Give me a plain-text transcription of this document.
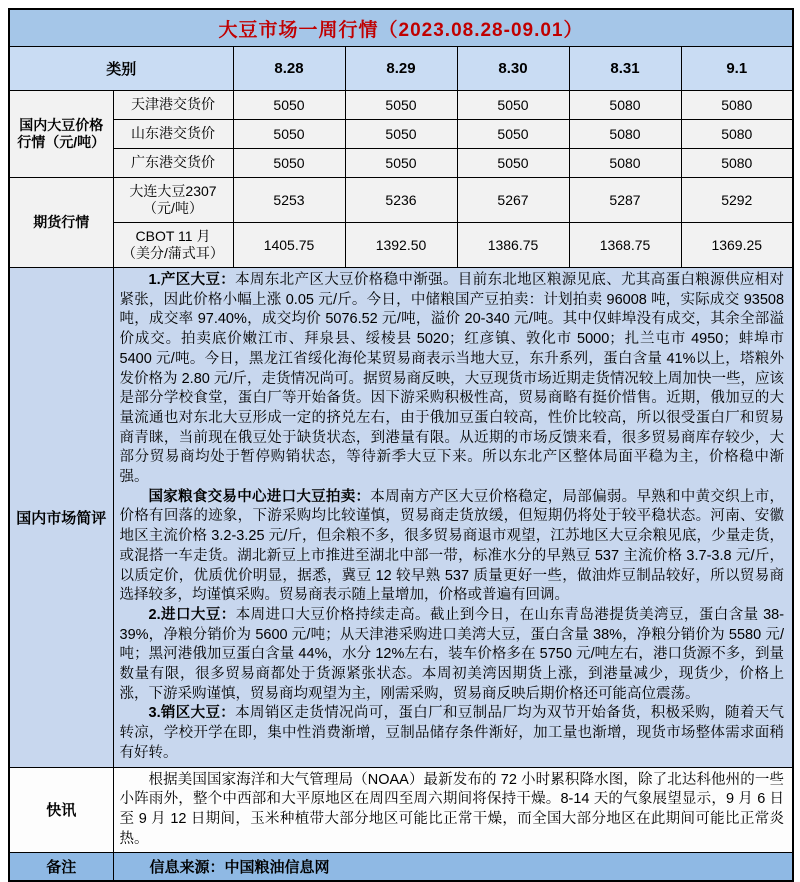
大豆市场一周行情（2023.08.28-09.01）						
类别		8.28	8.29	8.30	8.31	9.1

国内大豆价格
行情（元/吨）	天津港交货价	5050	5050	5050	5080	5080
	山东港交货价	5050	5050	5050	5080	5080
	广东港交货价	5050	5050	5050	5080	5080

期货行情	大连大豆2307
（元/吨）	5253	5236	5267	5287	5292

	CBOT 11 月
（美分/蒲式耳）	1405.75	1392.50	1386.75	1368.75	1369.25
国内市场简评	1.产区大豆：本周东北产区大豆价格稳中渐强。目前东北地区粮源见底、尤其高蛋白粮源供应相对紧张，因此价格小幅上涨 0.05 元/斤。今日，中储粮国产豆拍卖：计划拍卖 96008 吨，实际成交 93508 吨，成交率 97.40%，成交均价 5076.52 元/吨，溢价 20-340 元/吨。其中仅蚌埠没有成交，其余全部溢价成交。拍卖底价嫩江市、拜泉县、绥棱县 5020；红彦镇、敦化市 5000；扎兰屯市 4950；蚌埠市 5400 元/吨。今日，黑龙江省绥化海伦某贸易商表示当地大豆，东升系列，蛋白含量 41%以上，塔粮外发价格为 2.80 元/斤，走货情况尚可。据贸易商反映，大豆现货市场近期走货情况较上周加快一些，应该是部分学校食堂，蛋白厂等开始备货。因下游采购积极性高，贸易商略有挺价惜售。近期，俄加豆的大量流通也对东北大豆形成一定的挤兑左右，由于俄加豆蛋白较高，性价比较高，所以很受蛋白厂和贸易商青睐，当前现在俄豆处于缺货状态，到港量有限。从近期的市场反馈来看，很多贸易商库存较少，大部分贸易商均处于暂停购销状态，等待新季大豆下来。所以东北产区整体局面平稳为主，价格稳中渐强。

国家粮食交易中心进口大豆拍卖：本周南方产区大豆价格稳定，局部偏弱。早熟和中黄交织上市，价格有回落的迹象，下游采购均比较谨慎，贸易商走货放缓，但短期仍将处于较平稳状态。河南、安徽地区主流价格 3.2-3.25 元/斤，但余粮不多，很多贸易商退市观望，江苏地区大豆余粮见底，少量走货，或混搭一车走货。湖北新豆上市推进至湖北中部一带，标准水分的早熟豆 537 主流价格 3.7-3.8 元/斤，以质定价，优质优价明显，据悉，冀豆 12 较早熟 537 质量更好一些，做油炸豆制品较好，所以贸易商选择较多，均谨慎采购。贸易商表示随上量增加，价格或普遍有回调。

2.进口大豆：本周进口大豆价格持续走高。截止到今日，在山东青岛港提货美湾豆，蛋白含量 38-39%，净粮分销价为 5600 元/吨；从天津港采购进口美湾大豆，蛋白含量 38%，净粮分销价为 5580 元/吨；黑河港俄加豆蛋白含量 44%，水分 12%左右，装车价格多在 5750 元/吨左右，港口货源不多，到量数量有限，很多贸易商都处于货源紧张状态。本周初美湾因期货上涨，到港量减少，现货少，价格上涨，下游采购谨慎，贸易商均观望为主，刚需采购，贸易商反映后期价格还可能高位震荡。

3.销区大豆：本周销区走货情况尚可，蛋白厂和豆制品厂均为双节开始备货，积极采购，随着天气转凉，学校开学在即，集中性消费渐增，豆制品储存条件渐好，加工量也渐增，现货市场整体需求面稍有好转。					

快讯	根据美国国家海洋和大气管理局（NOAA）最新发布的 72 小时累积降水图，除了北达科他州的一些小阵雨外，整个中西部和大平原地区在周四至周六期间将保持干燥。8-14 天的气象展望显示，9 月 6 日至 9 月 12 日期间，玉米种植带大部分地区可能比正常干燥，而全国大部分地区在此期间可能比正常炎热。					

备注	信息来源：中国粮油信息网					
